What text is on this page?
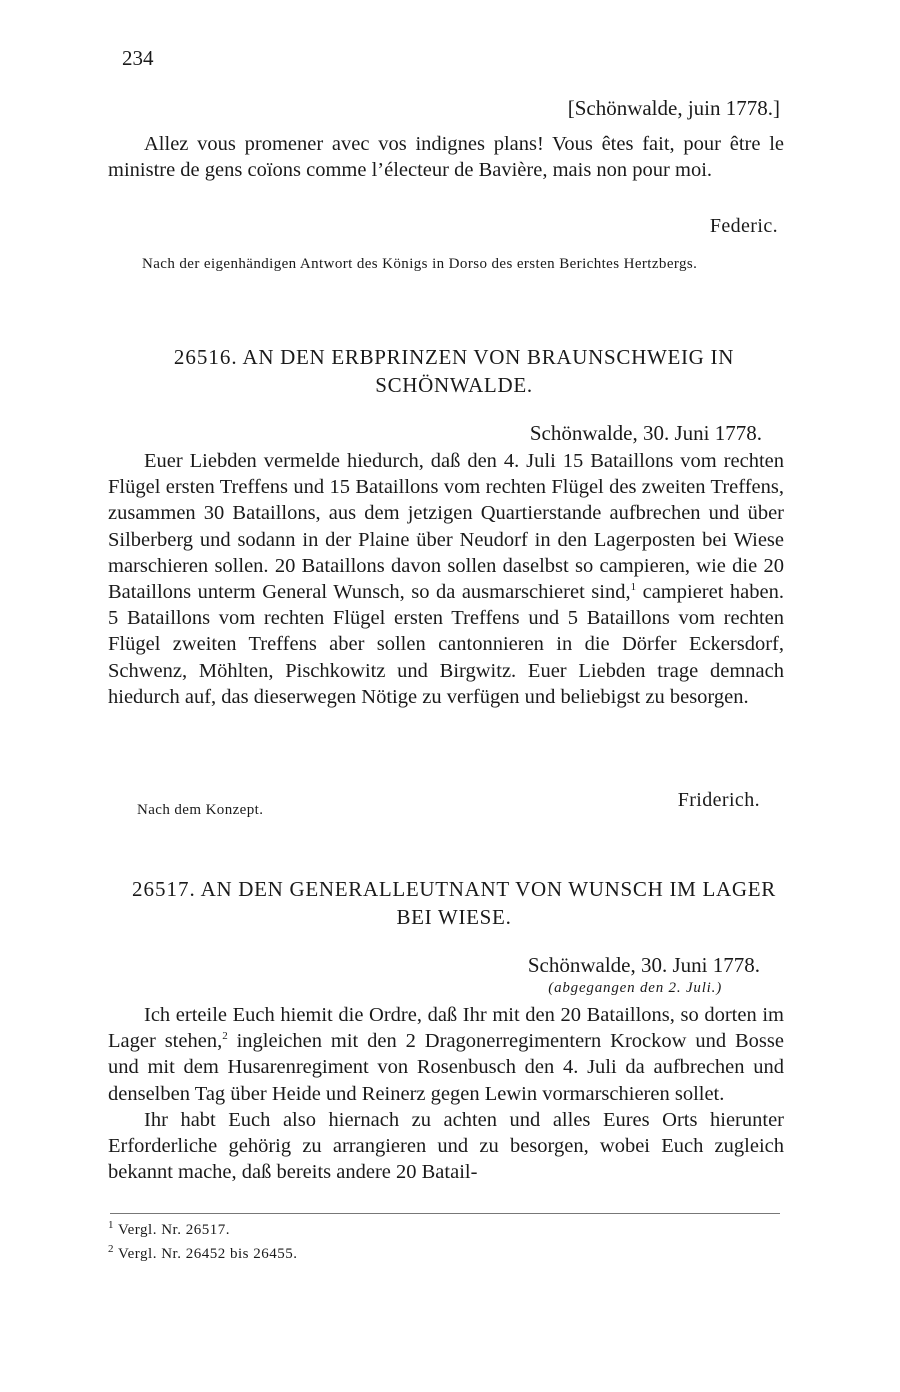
234
[Schönwalde, juin 1778.]

Allez vous promener avec vos indignes plans! Vous êtes fait, pour être le ministre de gens coïons comme l’électeur de Bavière, mais non pour moi.

Federic.
Nach der eigenhändigen Antwort des Königs in Dorso des ersten Berichtes Hertzbergs.
26516. AN DEN ERBPRINZEN VON BRAUNSCHWEIG IN SCHÖNWALDE.
Schönwalde, 30. Juni 1778.

Euer Liebden vermelde hiedurch, daß den 4. Juli 15 Bataillons vom rechten Flügel ersten Treffens und 15 Bataillons vom rechten Flügel des zweiten Treffens, zusammen 30 Bataillons, aus dem jetzigen Quartierstande aufbrechen und über Silberberg und sodann in der Plaine über Neudorf in den Lagerposten bei Wiese marschieren sollen. 20 Bataillons davon sollen daselbst so campieren, wie die 20 Bataillons unterm General Wunsch, so da ausmarschieret sind,$^1$ campieret haben. 5 Bataillons vom rechten Flügel ersten Treffens und 5 Bataillons vom rechten Flügel zweiten Treffens aber sollen cantonnieren in die Dörfer Eckersdorf, Schwenz, Möhlten, Pischkowitz und Birgwitz. Euer Liebden trage demnach hiedurch auf, das dieserwegen Nötige zu verfügen und beliebigst zu besorgen.

Nach dem Konzept.	Friderich.
26517. AN DEN GENERALLEUTNANT VON WUNSCH IM LAGER BEI WIESE.
Schönwalde, 30. Juni 1778.
(abgegangen den 2. Juli.)

Ich erteile Euch hiemit die Ordre, daß Ihr mit den 20 Bataillons, so dorten im Lager stehen,$^2$ ingleichen mit den 2 Dragonerregimentern Krockow und Bosse und mit dem Husarenregiment von Rosenbusch den 4. Juli da aufbrechen und denselben Tag über Heide und Reinerz gegen Lewin vormarschieren sollet.

Ihr habt Euch also hiernach zu achten und alles Eures Orts hierunter Erforderliche gehörig zu arrangieren und zu besorgen, wobei Euch zugleich bekannt mache, daß bereits andere 20 Batail-

$^1$ Vergl. Nr. 26517.
$^2$ Vergl. Nr. 26452 bis 26455.
